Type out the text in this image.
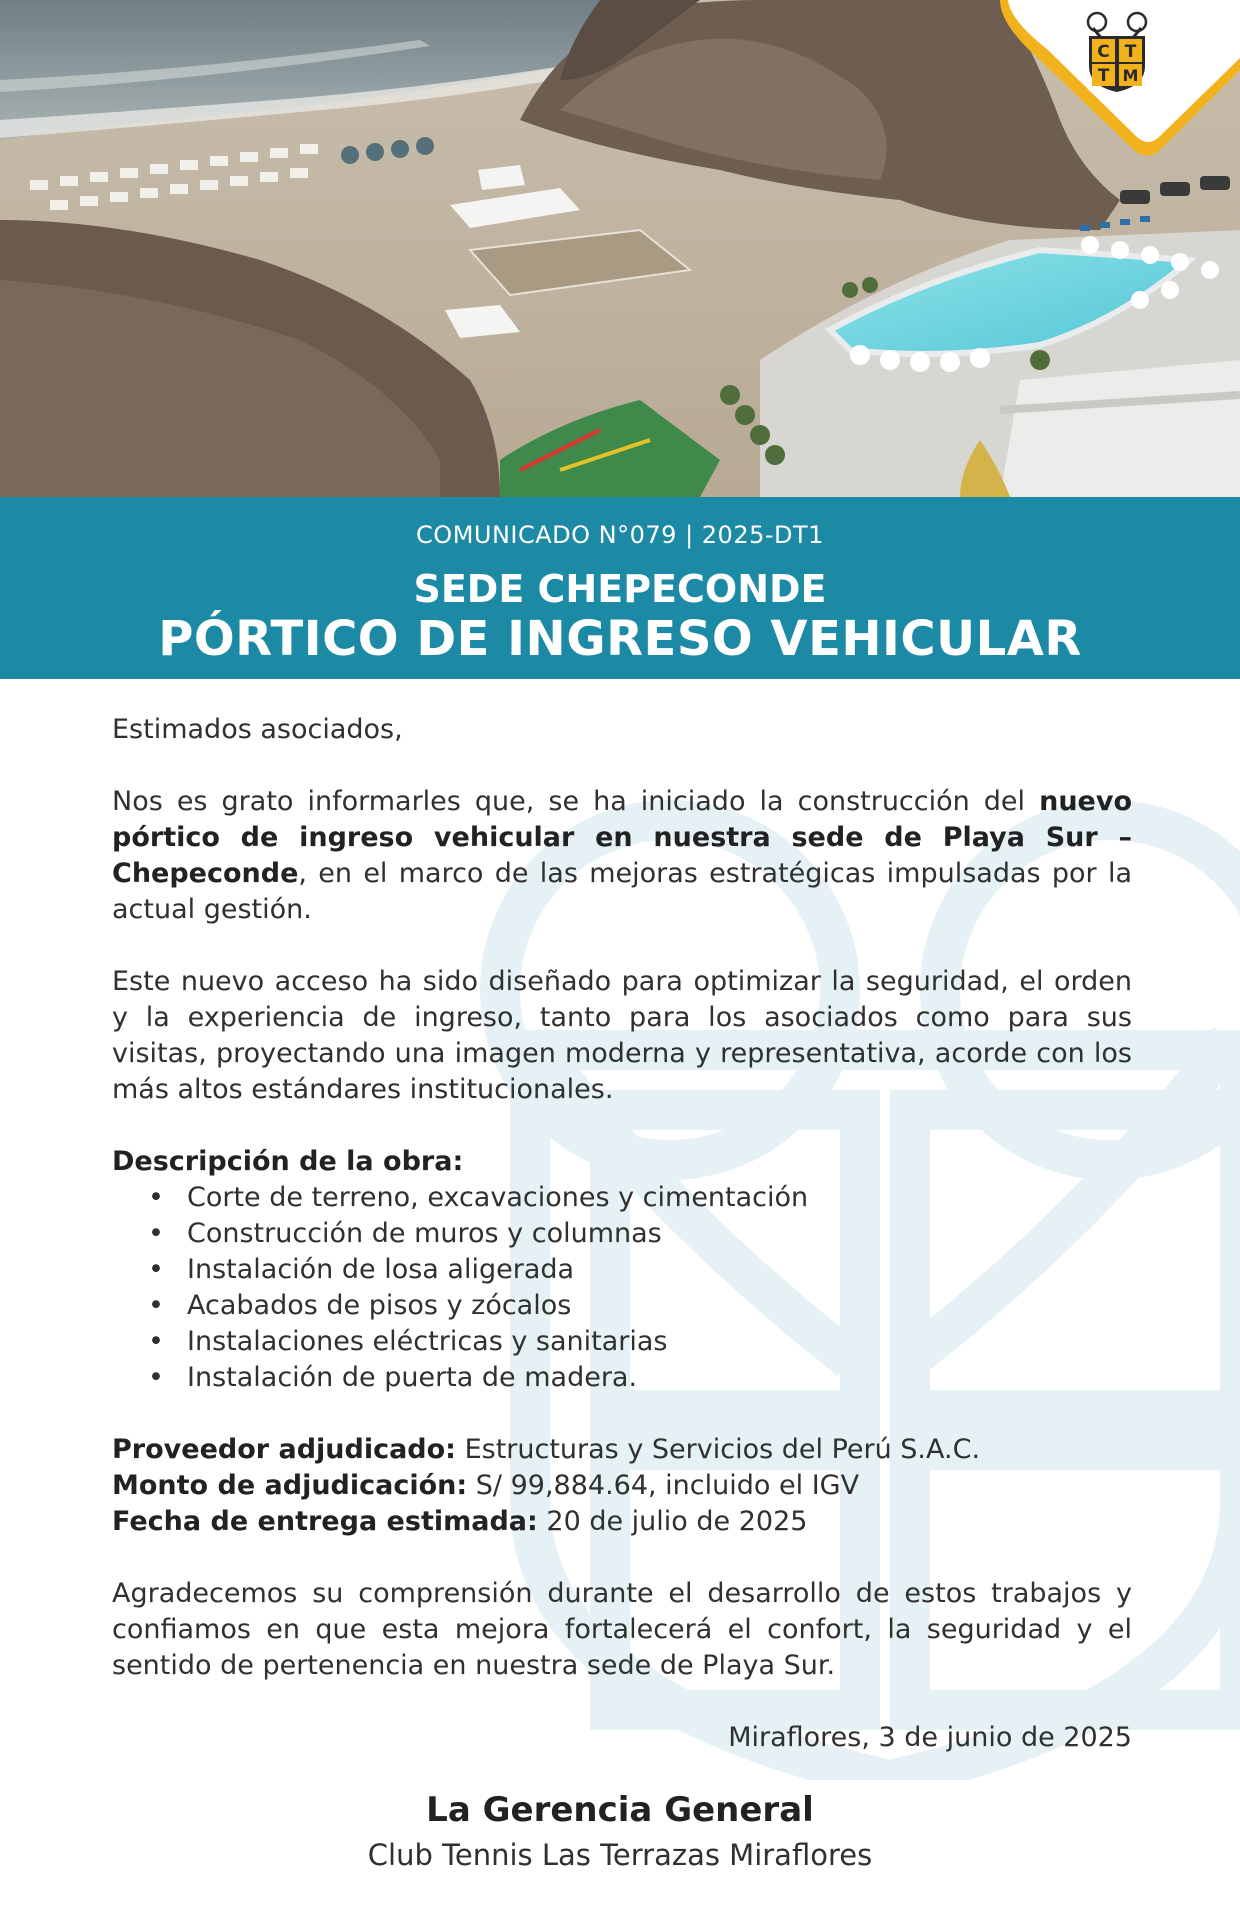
C T
T M
COMUNICADO N°079 | 2025-DT1
SEDE CHEPECONDE
PÓRTICO DE INGRESO VEHICULAR

Estimados asociados,

Nos es grato informarles que, se ha iniciado la construcción del nuevo pórtico de ingreso vehicular en nuestra sede de Playa Sur – Chepeconde, en el marco de las mejoras estratégicas impulsadas por la actual gestión.

Este nuevo acceso ha sido diseñado para optimizar la seguridad, el orden y la experiencia de ingreso, tanto para los asociados como para sus visitas, proyectando una imagen moderna y representativa, acorde con los más altos estándares institucionales.

Descripción de la obra:

• Corte de terreno, excavaciones y cimentación
• Construcción de muros y columnas
• Instalación de losa aligerada
• Acabados de pisos y zócalos
• Instalaciones eléctricas y sanitarias
• Instalación de puerta de madera.

Proveedor adjudicado: Estructuras y Servicios del Perú S.A.C.

Monto de adjudicación: S/ 99,884.64, incluido el IGV

Fecha de entrega estimada: 20 de julio de 2025

Agradecemos su comprensión durante el desarrollo de estos trabajos y confiamos en que esta mejora fortalecerá el confort, la seguridad y el sentido de pertenencia en nuestra sede de Playa Sur.

Miraflores, 3 de junio de 2025

La Gerencia General
Club Tennis Las Terrazas Miraflores
